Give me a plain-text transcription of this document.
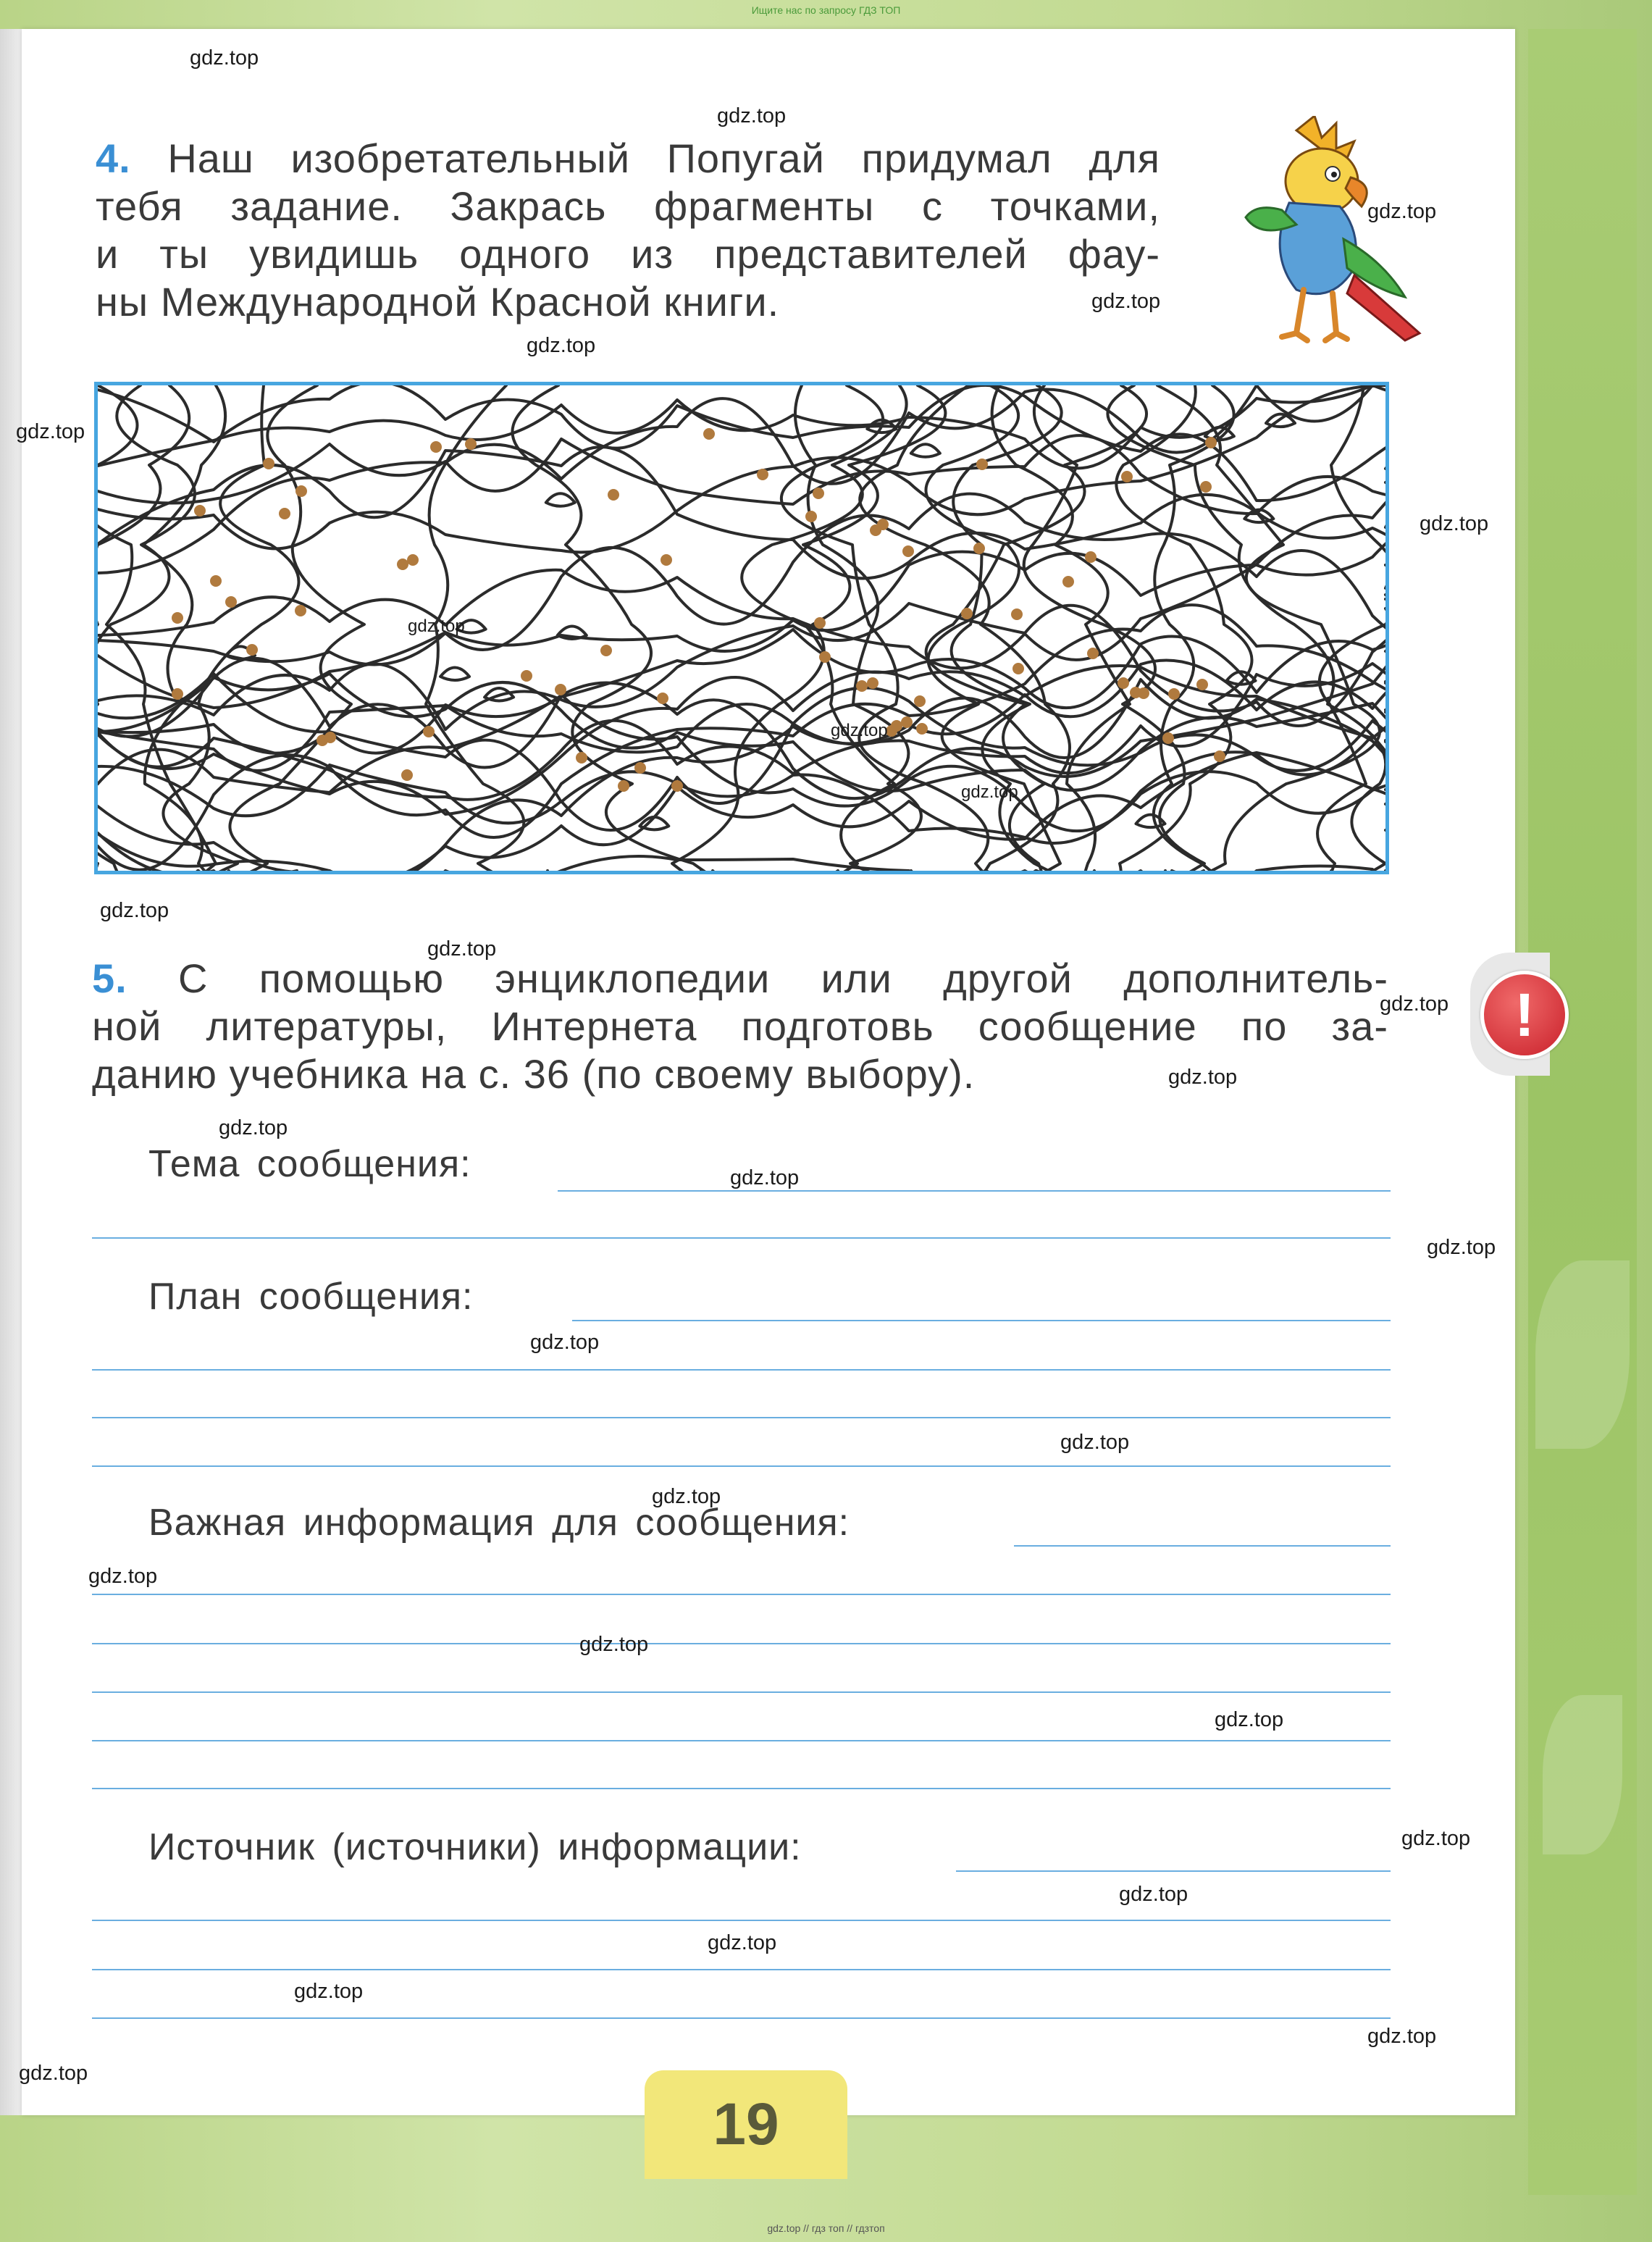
Ищите нас по запросу ГДЗ ТОП
4. Наш изобретательный Попугай придумал для
тебя задание. Закрась фрагменты с точками,
и ты увидишь одного из представителей фау-
ны Международной Красной книги.
5. С помощью энциклопедии или другой дополнитель-
ной литературы, Интернета подготовь сообщение по за-
данию учебника на с. 36 (по своему выбору).
!
Тема сообщения:
План сообщения:
Важная информация для сообщения:
Источник (источники) информации:
19
gdz.top
gdz.top
gdz.top
gdz.top
gdz.top
gdz.top
gdz.top
gdz.top
gdz.top
gdz.top
gdz.top
gdz.top
gdz.top
gdz.top
gdz.top
gdz.top
gdz.top
gdz.top
gdz.top
gdz.top
gdz.top
gdz.top
gdz.top
gdz.top
gdz.top
gdz.top
gdz.top
gdz.top
gdz.top
gdz.top // гдз топ // гдзтоп
